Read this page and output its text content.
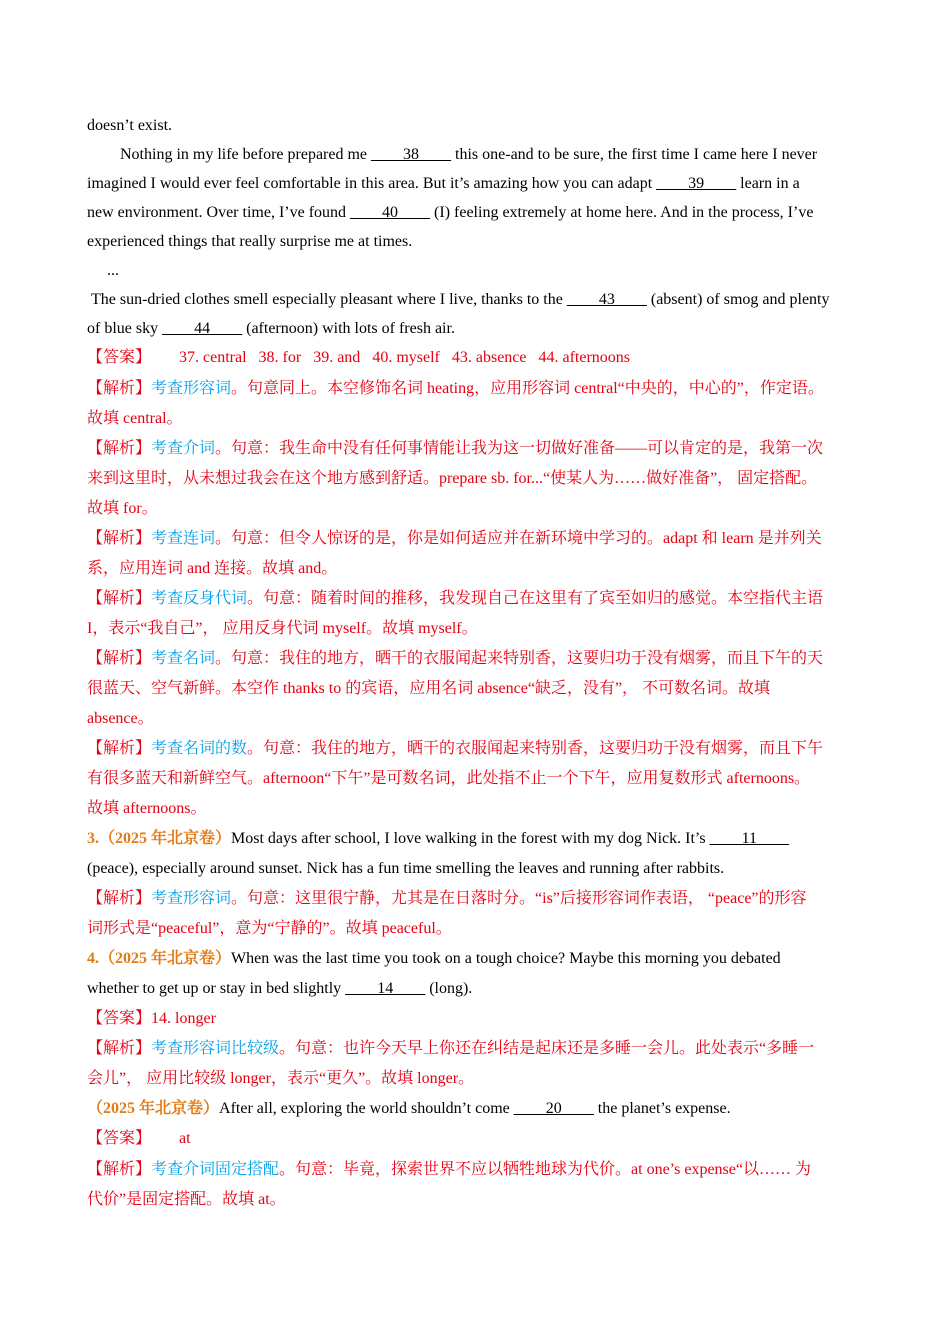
doesn’t exist.
Nothing in my life before prepared me ____38____ this one-and to be sure, the first time I came here I never
imagined I would ever feel comfortable in this area. But it’s amazing how you can adapt ____39____ learn in a
new environment. Over time, I’ve found ____40____ (I) feeling extremely at home here. And in the process, I’ve
experienced things that really surprise me at times.
...
The sun-dried clothes smell especially pleasant where I live, thanks to the ____43____ (absent) of smog and plenty
of blue sky ____44____ (afternoon) with lots of fresh air.
【答案】 37. central 38. for 39. and 40. myself 43. absence 44. afternoons
【解析】考查形容词。句意同上。本空修饰名词 heating，应用形容词 central“中央的，中心的”，作定语。
故填 central。
【解析】考查介词。句意：我生命中没有任何事情能让我为这一切做好准备——可以肯定的是，我第一次
来到这里时，从未想过我会在这个地方感到舒适。prepare sb. for...“使某人为……做好准备”， 固定搭配。
故填 for。
【解析】考查连词。句意：但令人惊讶的是，你是如何适应并在新环境中学习的。adapt 和 learn 是并列关
系，应用连词 and 连接。故填 and。
【解析】考查反身代词。句意：随着时间的推移，我发现自己在这里有了宾至如归的感觉。本空指代主语
I，表示“我自己”， 应用反身代词 myself。故填 myself。
【解析】考查名词。句意：我住的地方，晒干的衣服闻起来特别香，这要归功于没有烟雾，而且下午的天
很蓝天、空气新鲜。本空作 thanks to 的宾语，应用名词 absence“缺乏，没有”， 不可数名词。故填
absence。
【解析】考查名词的数。句意：我住的地方，晒干的衣服闻起来特别香，这要归功于没有烟雾，而且下午
有很多蓝天和新鲜空气。afternoon“下午”是可数名词，此处指不止一个下午，应用复数形式 afternoons。
故填 afternoons。
3.（2025 年北京卷）Most days after school, I love walking in the forest with my dog Nick. It’s ____11____
(peace), especially around sunset. Nick has a fun time smelling the leaves and running after rabbits.
【解析】考查形容词。句意：这里很宁静，尤其是在日落时分。“is”后接形容词作表语， “peace”的形容
词形式是“peaceful”，意为“宁静的”。故填 peaceful。
4.（2025 年北京卷）When was the last time you took on a tough choice? Maybe this morning you debated
whether to get up or stay in bed slightly ____14____ (long).
【答案】14. longer
【解析】考查形容词比较级。句意：也许今天早上你还在纠结是起床还是多睡一会儿。此处表示“多睡一
会儿”， 应用比较级 longer，表示“更久”。故填 longer。
（2025 年北京卷）After all, exploring the world shouldn’t come ____20____ the planet’s expense.
【答案】 at
【解析】考查介词固定搭配。句意：毕竟，探索世界不应以牺牲地球为代价。at one’s expense“以…… 为
代价”是固定搭配。故填 at。
